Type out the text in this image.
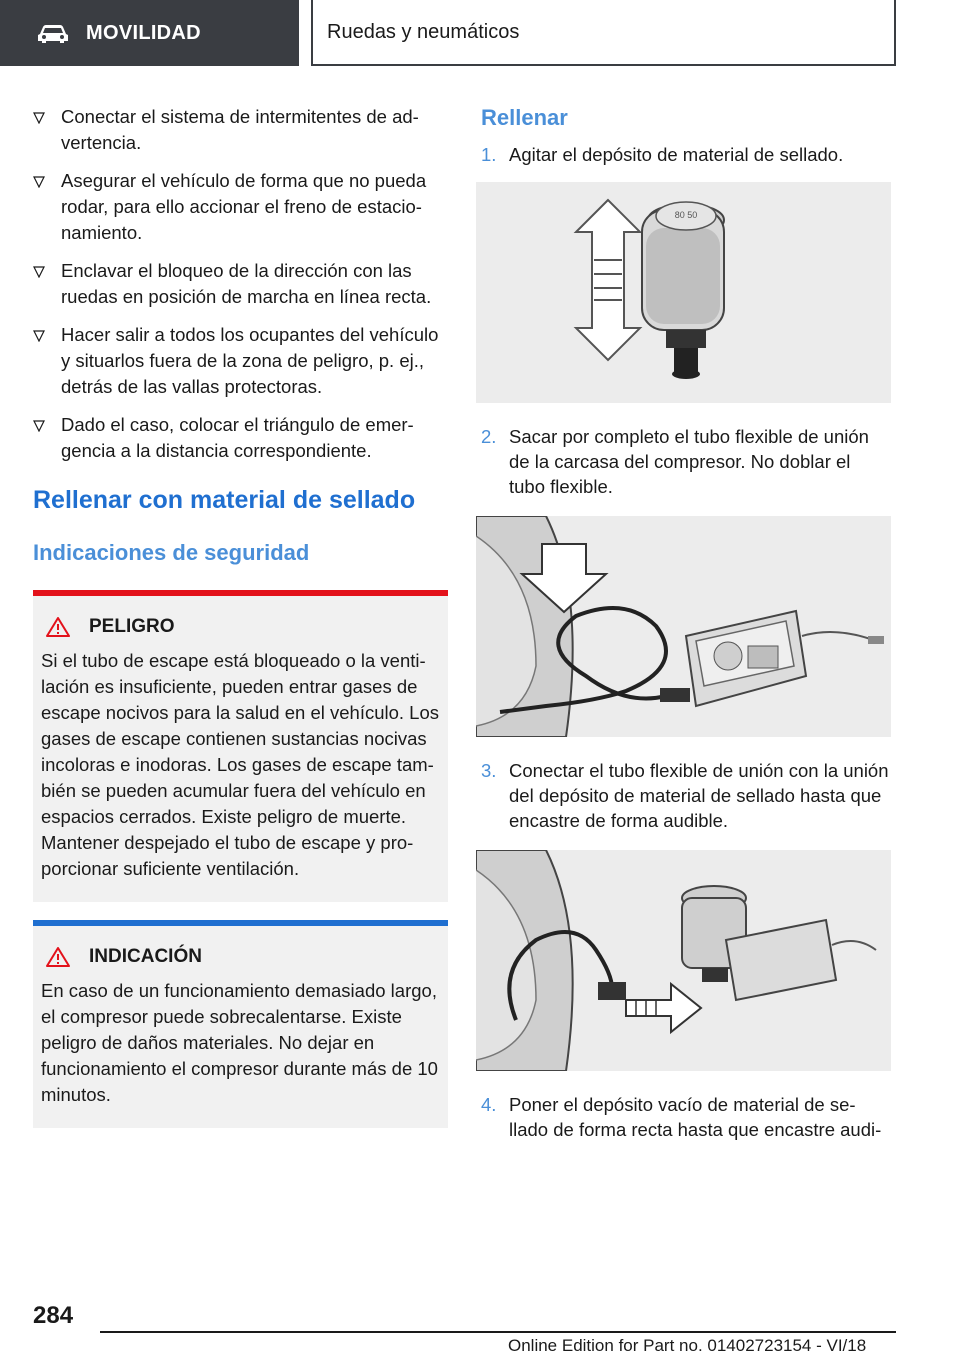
MOVILIDAD	Ruedas y neumáticos
Conectar el sistema de intermitentes de ad-vertencia.
Asegurar el vehículo de forma que no pueda rodar, para ello accionar el freno de estacio-namiento.
Enclavar el bloqueo de la dirección con las ruedas en posición de marcha en línea recta.
Hacer salir a todos los ocupantes del vehículo y situarlos fuera de la zona de peligro, p. ej., detrás de las vallas protectoras.
Dado el caso, colocar el triángulo de emer-gencia a la distancia correspondiente.
Rellenar con material de sellado
Indicaciones de seguridad
PELIGRO

Si el tubo de escape está bloqueado o la venti-lación es insuficiente, pueden entrar gases de escape nocivos para la salud en el vehículo. Los gases de escape contienen sustancias nocivas incoloras e inodoras. Los gases de escape tam-bién se pueden acumular fuera del vehículo en espacios cerrados. Existe peligro de muerte. Mantener despejado el tubo de escape y pro-porcionar suficiente ventilación.

INDICACIÓN

En caso de un funcionamiento demasiado largo, el compresor puede sobrecalentarse. Existe peligro de daños materiales. No dejar en funcionamiento el compresor durante más de 10 minutos.

Rellenar
1. Agitar el depósito de material de sellado.
80 50
2. Sacar por completo el tubo flexible de unión de la carcasa del compresor. No doblar el tubo flexible.
3. Conectar el tubo flexible de unión con la unión del depósito de material de sellado hasta que encastre de forma audible.
4. Poner el depósito vacío de material de se-llado de forma recta hasta que encastre audi-
284
Online Edition for Part no. 01402723154 - VI/18
